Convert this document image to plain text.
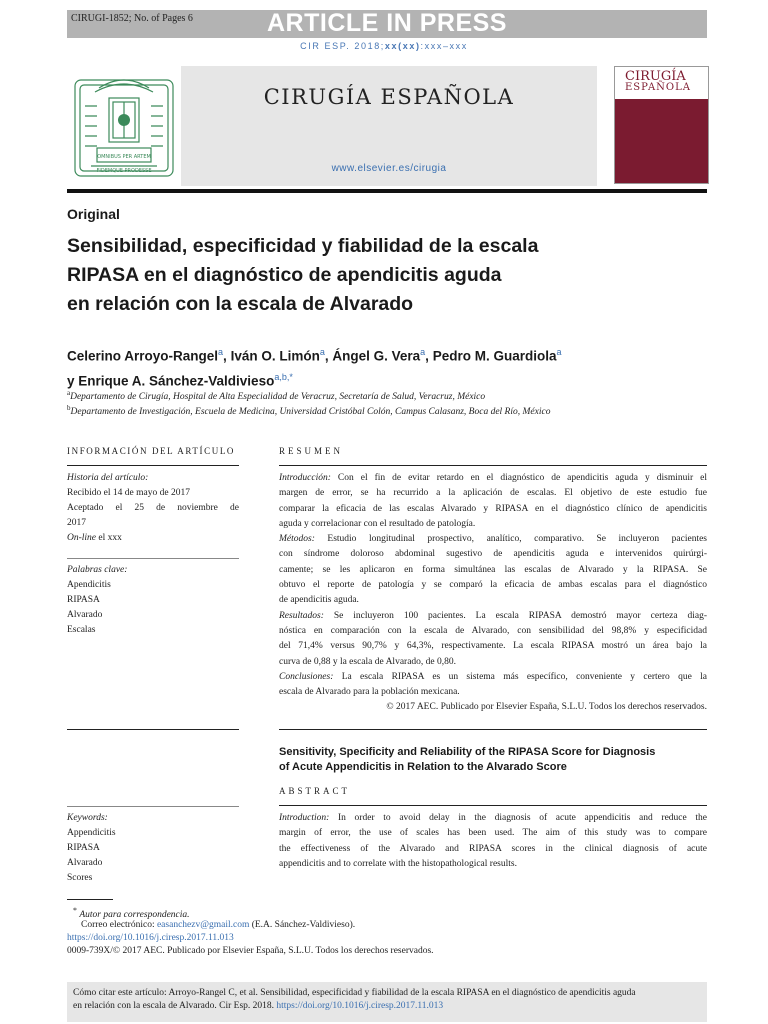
CIRUGI-1852; No. of Pages 6	ARTICLE IN PRESS
CIR ESP. 2018;xx(xx):xxx–xxx
OMNIBUS PER ARTEM
FIDEMQUE PRODESSE
CIRUGÍA ESPAÑOLA
www.elsevier.es/cirugia
CIRUGÍA
ESPAÑOLA
Original
Sensibilidad, especificidad y fiabilidad de la escala
RIPASA en el diagnóstico de apendicitis aguda
en relación con la escala de Alvarado
Celerino Arroyo-Rangel$^a$, Iván O. Limón$^a$, Ángel G. Vera$^a$, Pedro M. Guardiola$^a$
y Enrique A. Sánchez-Valdivieso$^{a,b,*}$
$^a$Departamento de Cirugía, Hospital de Alta Especialidad de Veracruz, Secretaría de Salud, Veracruz, México
$^b$Departamento de Investigación, Escuela de Medicina, Universidad Cristóbal Colón, Campus Calasanz, Boca del Río, México
INFORMACIÓN DEL ARTÍCULO
Historia del artículo:
Recibido el 14 de mayo de 2017
Aceptado el 25 de noviembre de
2017
On-line el xxx
Palabras clave:
Apendicitis
RIPASA
Alvarado
Escalas
Keywords:
Appendicitis
RIPASA
Alvarado
Scores
RESUMEN

Introducción: Con el fin de evitar retardo en el diagnóstico de apendicitis aguda y disminuir el

margen de error, se ha recurrido a la aplicación de escalas. El objetivo de este estudio fue

comparar la eficacia de las escalas Alvarado y RIPASA en el diagnóstico clínico de apendicitis

aguda y correlacionar con el resultado de patología.

Métodos: Estudio longitudinal prospectivo, analítico, comparativo. Se incluyeron pacientes

con síndrome doloroso abdominal sugestivo de apendicitis aguda e intervenidos quirúrgi-

camente; se les aplicaron en forma simultánea las escalas de Alvarado y la RIPASA. Se

obtuvo el reporte de patología y se comparó la eficacia de ambas escalas para el diagnóstico

de apendicitis aguda.

Resultados: Se incluyeron 100 pacientes. La escala RIPASA demostró mayor certeza diag-

nóstica en comparación con la escala de Alvarado, con sensibilidad del 98,8% y especificidad

del 71,4% versus 90,7% y 64,3%, respectivamente. La escala RIPASA mostró un área bajo la

curva de 0,88 y la escala de Alvarado, de 0,80.

Conclusiones: La escala RIPASA es un sistema más específico, conveniente y certero que la

escala de Alvarado para la población mexicana.

© 2017 AEC. Publicado por Elsevier España, S.L.U. Todos los derechos reservados.

Sensitivity, Specificity and Reliability of the RIPASA Score for Diagnosis
of Acute Appendicitis in Relation to the Alvarado Score
ABSTRACT

Introduction: In order to avoid delay in the diagnosis of acute appendicitis and reduce the

margin of error, the use of scales has been used. The aim of this study was to compare

the effectiveness of the Alvarado and RIPASA scores in the clinical diagnosis of acute

appendicitis and to correlate with the histopathological results.

* Autor para correspondencia.
Correo electrónico: easanchezv@gmail.com (E.A. Sánchez-Valdivieso).
https://doi.org/10.1016/j.ciresp.2017.11.013
0009-739X/© 2017 AEC. Publicado por Elsevier España, S.L.U. Todos los derechos reservados.
Cómo citar este artículo: Arroyo-Rangel C, et al. Sensibilidad, especificidad y fiabilidad de la escala RIPASA en el diagnóstico de apendicitis aguda
en relación con la escala de Alvarado. Cir Esp. 2018. https://doi.org/10.1016/j.ciresp.2017.11.013
